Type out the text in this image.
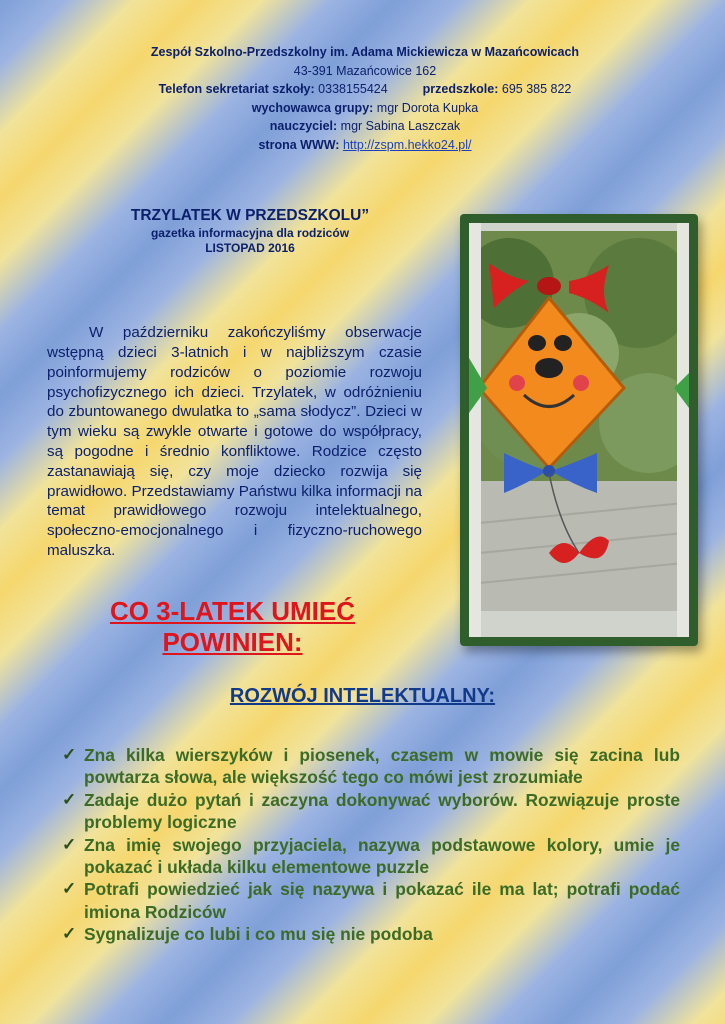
Zespół Szkolno-Przedszkolny im. Adama Mickiewicza w Mazańcowicach
43-391 Mazańcowice 162
Telefon sekretariat szkoły: 0338155424	przedszkole: 695 385 822
wychowawca grupy: mgr Dorota Kupka
nauczyciel: mgr Sabina Laszczak
strona WWW: http://zspm.hekko24.pl/
TRZYLATEK W PRZEDSZKOLU”
gazetka informacyjna dla rodziców
LISTOPAD 2016

W październiku zakończyliśmy obserwacje wstępną dzieci 3-latnich i w najbliższym czasie poinformujemy rodziców o poziomie rozwoju psychofizycznego ich dzieci. Trzylatek, w odróżnieniu do zbuntowanego dwulatka to „sama słodycz”. Dzieci w tym wieku są zwykle otwarte i gotowe do współpracy, są pogodne i średnio konfliktowe. Rodzice często zastanawiają się, czy moje dziecko rozwija się prawidłowo. Przedstawiamy Państwu kilka informacji na temat prawidłowego rozwoju intelektualnego, społeczno-emocjonalnego i fizyczno-ruchowego maluszka.

CO 3-LATEK UMIEĆ
POWINIEN:
ROZWÓJ INTELEKTUALNY:
✓ Zna kilka wierszyków i piosenek, czasem w mowie się zacina lub powtarza słowa, ale większość tego co mówi jest zrozumiałe
✓ Zadaje dużo pytań i zaczyna dokonywać wyborów. Rozwiązuje proste problemy logiczne
✓ Zna imię swojego przyjaciela, nazywa podstawowe kolory, umie je pokazać i układa kilku elementowe puzzle
✓ Potrafi powiedzieć jak się nazywa i pokazać ile ma lat; potrafi podać imiona Rodziców
✓ Sygnalizuje co lubi i co mu się nie podoba
